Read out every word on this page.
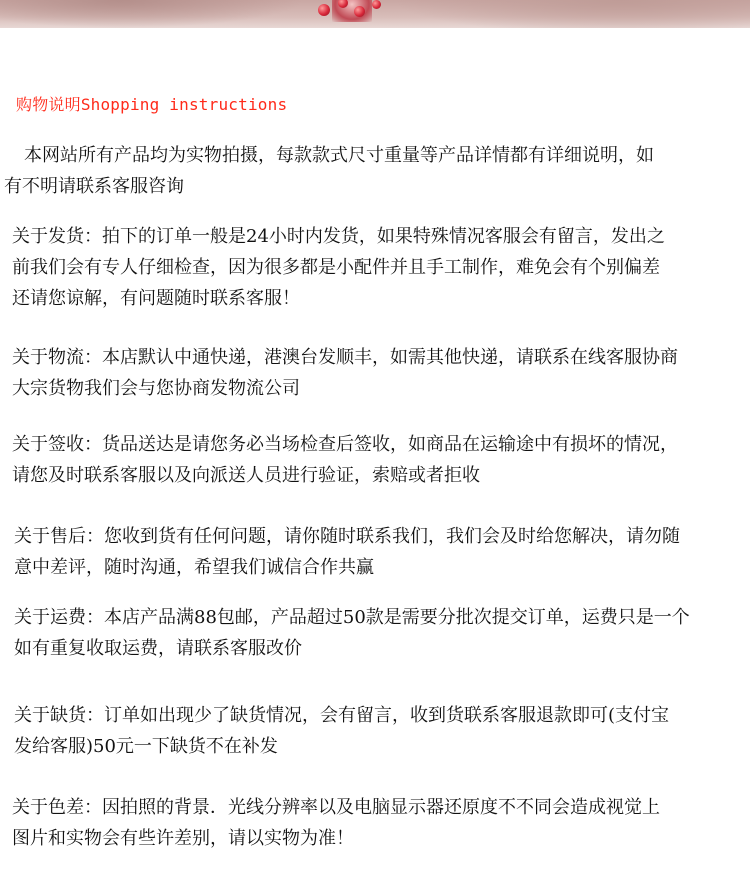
购物说明Shopping instructions
本网站所有产品均为实物拍摄，每款款式尺寸重量等产品详情都有详细说明，如
有不明请联系客服咨询
关于发货：拍下的订单一般是24小时内发货，如果特殊情况客服会有留言，发出之
前我们会有专人仔细检查，因为很多都是小配件并且手工制作，难免会有个别偏差
还请您谅解，有问题随时联系客服！
关于物流：本店默认中通快递，港澳台发顺丰，如需其他快递，请联系在线客服协商
大宗货物我们会与您协商发物流公司
关于签收：货品送达是请您务必当场检查后签收，如商品在运输途中有损坏的情况，
请您及时联系客服以及向派送人员进行验证，索赔或者拒收
关于售后：您收到货有任何问题，请你随时联系我们，我们会及时给您解决，请勿随
意中差评，随时沟通，希望我们诚信合作共赢
关于运费：本店产品满88包邮，产品超过50款是需要分批次提交订单，运费只是一个
如有重复收取运费，请联系客服改价
关于缺货：订单如出现少了缺货情况，会有留言，收到货联系客服退款即可(支付宝
发给客服)50元一下缺货不在补发
关于色差：因拍照的背景．光线分辨率以及电脑显示器还原度不不同会造成视觉上
图片和实物会有些许差别，请以实物为准！
